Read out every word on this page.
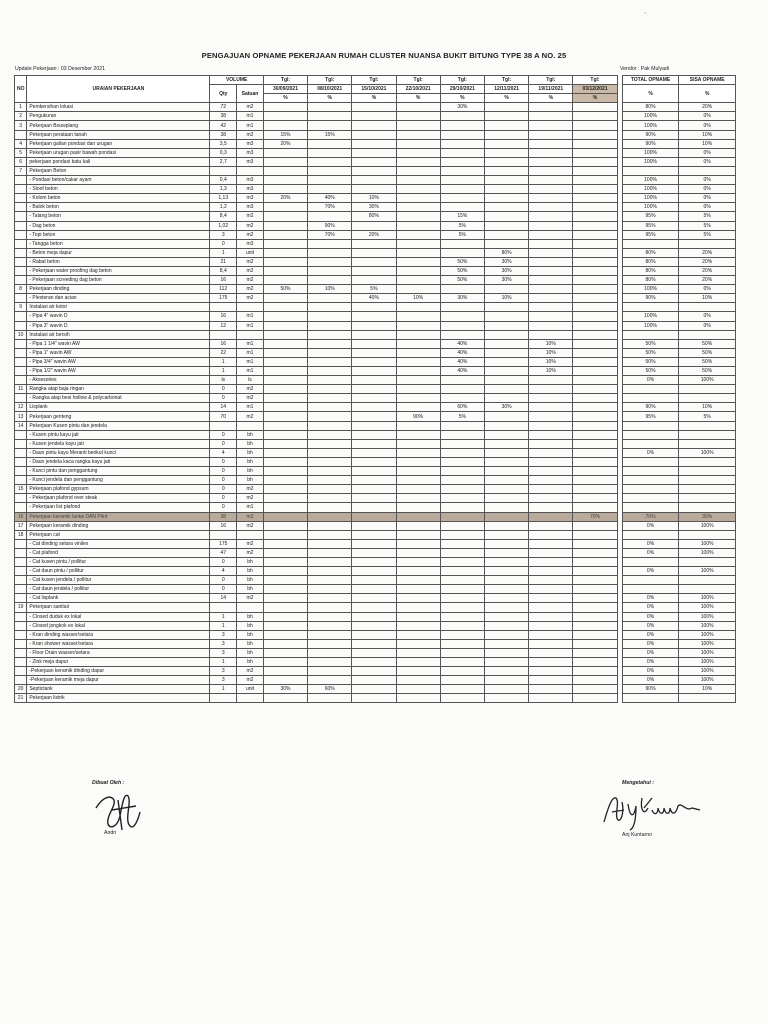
◦
PENGAJUAN OPNAME PEKERJAAN RUMAH CLUSTER NUANSA BUKIT BITUNG TYPE 38 A NO. 25
Update Pekerjaan : 03 Desember 2021	Vendor : Pak Mulyadi
NO	URAIAN PEKERJAAN	VOLUME		Tgl:	Tgl:	Tgl:	Tgl:	Tgl:	Tgl:	Tgl:	Tgl:		TOTAL OPNAME	SISA OPNAME
		Qty	Satuan	30/09/2021	08/10/2021	15/10/2021	22/10/2021	29/10/2021	12/11/2021	19/11/2021	03/12/2021		%	%
				%	%	%	%	%	%	%	%			
1	Pembersihan lokasi	72	m2					30%					80%	20%
2	Pengukuran	38	m1										100%	0%
3	Pekerjaan Bouwplang	42	m1										100%	0%
	Pekerjaan perataan tanah	38	m2	15%	15%								90%	10%
4	Pekerjaan galian pondasi dan urugan	3,5	m3	20%									90%	10%
5	Pekerjaan urugan pasir bawah pondasi	0,3	m3										100%	0%
6	pekerjaan pondasi batu kali	2,7	m3										100%	0%
7	Pekerjaan Beton													
	- Pondasi beton/cakar ayam	0,4	m3										100%	0%
	- Sloof beton	1,3	m3										100%	0%
	- Kolom beton	1,13	m3	20%	40%	10%							100%	0%
	- Balok beton	1,2	m3		70%	30%							100%	0%
	- Talang beton	8,4	m2			80%		15%					95%	5%
	- Dag beton	1,02	m2		90%			5%					95%	5%
	- Topi beton	3	m2		70%	20%		5%					95%	5%
	- Tangga beton	0	m3											
	- Beton meja dapur	1	unit						80%				80%	20%
	- Rabat beton	21	m2					50%	30%				80%	20%
	- Pekerjaan water proofing dag beton	8,4	m2					50%	30%				80%	20%
	- Pekerjaan screeding dag beton	16	m2					50%	30%				80%	20%
8	Pekerjaan dinding	112	m2	50%	10%	5%							100%	0%
	- Plesteran dan acian	175	m2			40%	10%	30%	10%				90%	10%
9	Instalasi air kotor													
	- Pipa 4" wavin D	16	m1										100%	0%
	- Pipa 3" wavin D	12	m1										100%	0%
10	Instalasi air bersih													
	- Pipa 1 1/4" wavin AW	16	m1					40%		10%			50%	50%
	- Pipa 1" wavin AW	22	m1					40%		10%			50%	50%
	- Pipa 3/4" wavin AW	1	m1					40%		10%			50%	50%
	- Pipa 1/2" wavin AW	1	m1					40%		10%			50%	50%
	- Aksesories	ls	ls										0%	100%
11	Rangka atap baja ringan	0	m2											
	- Rangka atap besi hollow & polycarbonat	0	m2											
12	Lisplank	14	m1					60%	30%				90%	10%
13	Pekerjaan genteng	70	m2				90%	5%					95%	5%
14	Pekerjaan Kusen pintu dan jendela													
	- Kusen pintu kayu jati	0	bh											
	- Kusen jendela kayu jati	0	bh											
	- Daun pintu kayu Meranti berikut kunci	4	bh										0%	100%
	- Daun jendela kaca rangka kayu jati	0	bh											
	- Kunci pintu dan penggantung	0	bh											
	- Kunci jendela dan penggantung	0	bh											
15	Pekerjaan plafond gypsum	0	m2											
	- Pekerjaan plafond over steak	0	m2											
	- Pekerjaan list plafond	0	m1											
16	Pekerjaan keramik lantai DAN Plint	38	m2								70%		70%	30%
17	Pekerjaan keramik dinding	16	m2										0%	100%
18	Pekerjaan cat													
	- Cat dinding setara vinilex	175	m2										0%	100%
	- Cat plafond	47	m2										0%	100%
	- Cat kusen pintu / pollitur	0	bh											
	- Cat daun pintu / pollitur	4	bh										0%	100%
	- Cat kusen jendela / pollitur	0	bh											
	- Cat daun jendela / pollitur	0	bh											
	- Cat lisplank	14	m2										0%	100%
19	Pekerjaan sanitair												0%	100%
	- Closed duduk ex lokal	1	bh										0%	100%
	- Closed jongkok ex lokal	1	bh										0%	100%
	- Kran dinding wasser/setara	3	bh										0%	100%
	- Kran shower wasser/setara	3	bh										0%	100%
	- Floor Drain wasser/setara	3	bh										0%	100%
	- Zink meja dapur	1	bh										0%	100%
	-Pekerjaan keramik dinding dapur	3	m2										0%	100%
	-Pekerjaan keramik meja dapur	3	m2										0%	100%
20	Septictank	1	unit	30%	60%								90%	10%
21	Pekerjaan listrik													
Dibuat Oleh :
Andri
Mengetahui :
Anj Kuntarno
